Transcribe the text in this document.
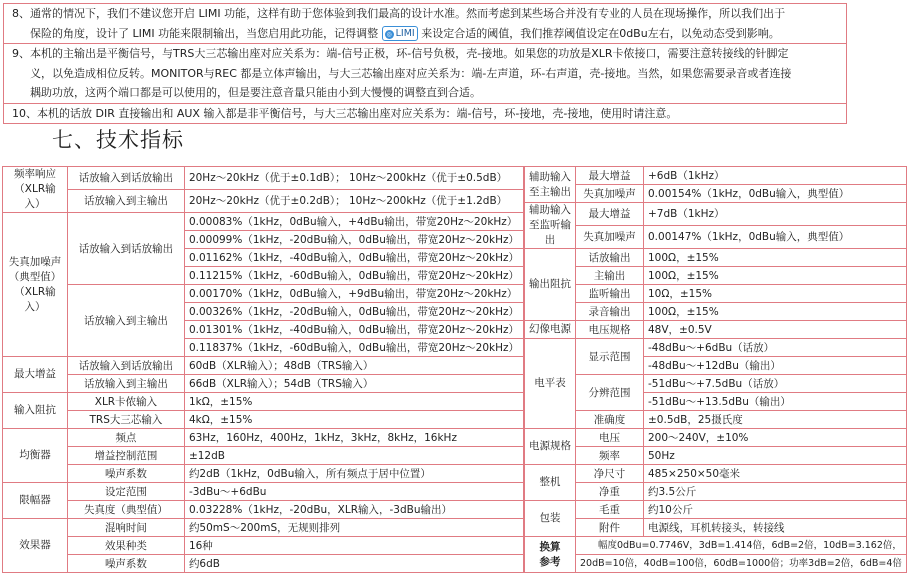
8、通常的情况下，我们不建议您开启 LIMI 功能，这样有助于您体验到我们最高的设计水准。然而考虑到某些场合并没有专业的人员在现场操作，所以我们出于
保险的角度，设计了 LIMI 功能来限制输出，当您启用此功能，记得调整 ◎ LIMI 来设定合适的阈值，我们推荐阈值设定在0dBu左右，以免动态受到影响。
9、本机的主输出是平衡信号，与TRS大三芯输出座对应关系为：端-信号正极，环-信号负极，壳-接地。如果您的功放是XLR卡侬接口，需要注意转接线的针脚定
义，以免造成相位反转。MONITOR与REC 都是立体声输出，与大三芯输出座对应关系为：端-左声道，环-右声道，壳-接地。当然，如果您需要录音或者连接
耦助功放，这两个端口都是可以使用的，但是要注意音量只能由小到大慢慢的调整直到合适。
10、本机的话放 DIR 直接输出和 AUX 输入都是非平衡信号，与大三芯输出座对应关系为：端-信号，环-接地，壳-接地，使用时请注意。
七、技术指标
频率响应
（XLR输入）	话放输入到话放输出	20Hz～20kHz（优于±0.1dB）； 10Hz～200kHz（优于±0.5dB）
	话放输入到主输出	20Hz～20kHz（优于±0.2dB）； 10Hz～200kHz（优于±1.2dB）
失真加噪声
（典型值）
（XLR输入）	话放输入到话放输出	0.00083%（1kHz，0dBu输入，+4dBu输出，带宽20Hz～20kHz）
		0.00099%（1kHz，-20dBu输入，0dBu输出，带宽20Hz～20kHz）
		0.01162%（1kHz，-40dBu输入，0dBu输出，带宽20Hz～20kHz）
		0.11215%（1kHz，-60dBu输入，0dBu输出，带宽20Hz～20kHz）
	话放输入到主输出	0.00170%（1kHz，0dBu输入，+9dBu输出，带宽20Hz～20kHz）
		0.00326%（1kHz，-20dBu输入，0dBu输出，带宽20Hz～20kHz）
		0.01301%（1kHz，-40dBu输入，0dBu输出，带宽20Hz～20kHz）
		0.11837%（1kHz，-60dBu输入，0dBu输出，带宽20Hz～20kHz）
最大增益	话放输入到话放输出	60dB（XLR输入）；48dB（TRS输入）
	话放输入到主输出	66dB（XLR输入）；54dB（TRS输入）
输入阻抗	XLR卡侬输入	1kΩ，±15%
	TRS大三芯输入	4kΩ，±15%
均衡器	频点	63Hz，160Hz，400Hz，1kHz，3kHz，8kHz，16kHz
	增益控制范围	±12dB
	噪声系数	约2dB（1kHz，0dBu输入，所有频点于居中位置）
限幅器	设定范围	-3dBu～+6dBu
	失真度（典型值）	0.03228%（1kHz，-20dBu，XLR输入，-3dBu输出）
效果器	混响时间	约50mS～200mS，无规则排列
	效果种类	16种
	噪声系数	约6dB
辅助输入
至主输出	最大增益	+6dB（1kHz）
	失真加噪声	0.00154%（1kHz，0dBu输入，典型值）
辅助输入
至监听输出	最大增益	+7dB（1kHz）
	失真加噪声	0.00147%（1kHz，0dBu输入，典型值）
输出阻抗	话放输出	100Ω，±15%
	主输出	100Ω，±15%
	监听输出	10Ω，±15%
	录音输出	100Ω，±15%
幻像电源	电压规格	48V，±0.5V
电平表	显示范围	-48dBu～+6dBu（话放）
		-48dBu～+12dBu（输出）
	分辨范围	-51dBu～+7.5dBu（话放）
		-51dBu～+13.5dBu（输出）
	准确度	±0.5dB，25摄氏度
电源规格	电压	200～240V，±10%
	频率	50Hz
整机	净尺寸	485×250×50毫米
	净重	约3.5公斤
包装	毛重	约10公斤
	附件	电源线，耳机转接头，转接线
换算
参考	幅度0dBu=0.7746V，3dB=1.414倍，6dB=2倍，10dB=3.162倍，	
	20dB=10倍，40dB=100倍，60dB=1000倍；功率3dB=2倍，6dB=4倍	
